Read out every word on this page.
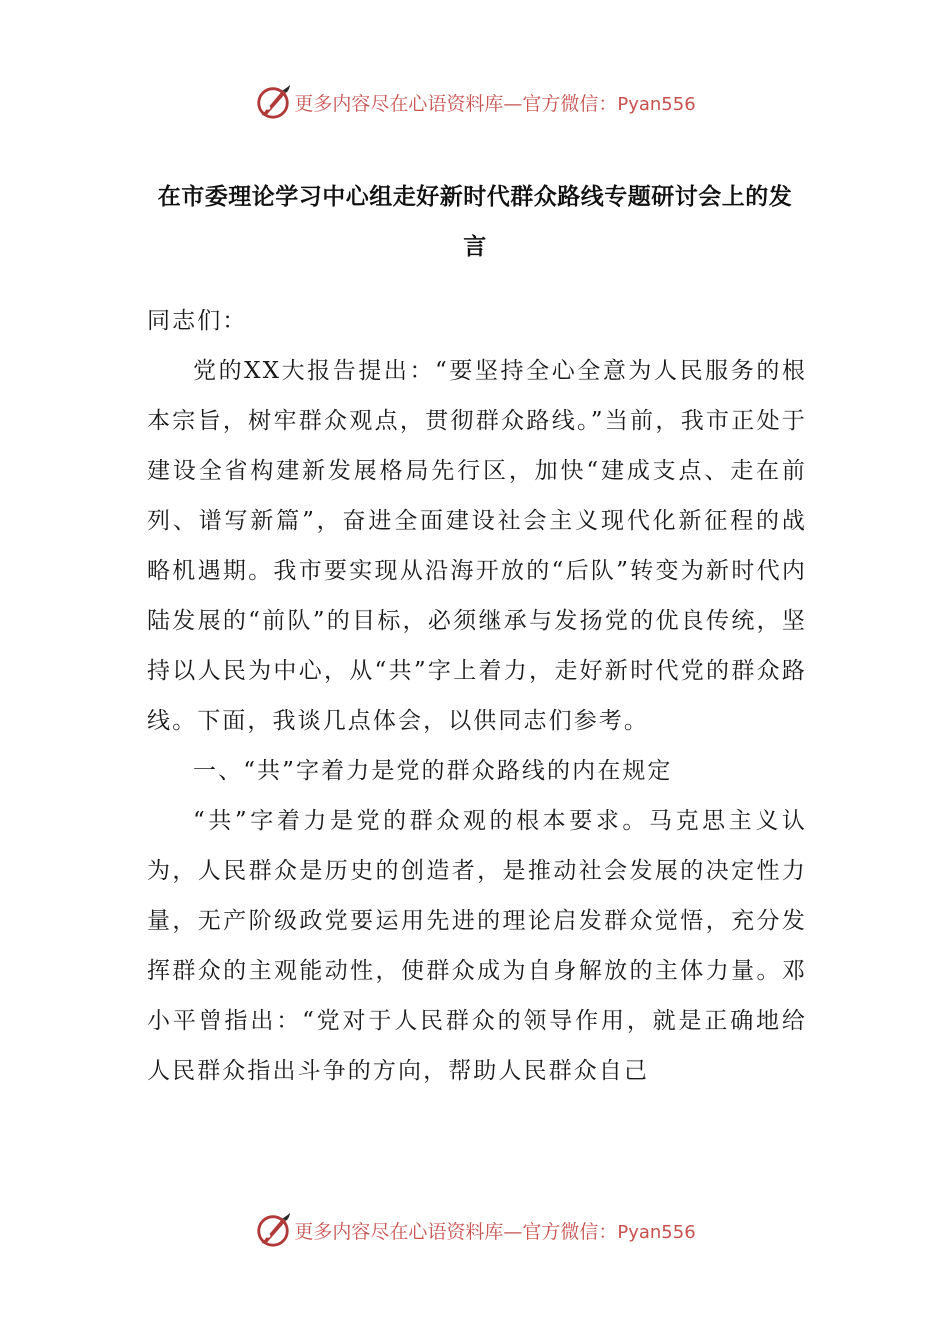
更多内容尽在心语资料库—官方微信：Pyan556
在市委理论学习中心组走好新时代群众路线专题研讨会上的发言

同志们：

党的XX大报告提出：“要坚持全心全意为人民服务的根本宗旨，树牢群众观点，贯彻群众路线。”当前，我市正处于建设全省构建新发展格局先行区，加快“建成支点、走在前列、谱写新篇”，奋进全面建设社会主义现代化新征程的战略机遇期。我市要实现从沿海开放的“后队”转变为新时代内陆发展的“前队”的目标，必须继承与发扬党的优良传统，坚持以人民为中心，从“共”字上着力，走好新时代党的群众路线。下面，我谈几点体会，以供同志们参考。

一、“共”字着力是党的群众路线的内在规定

“共”字着力是党的群众观的根本要求。马克思主义认为，人民群众是历史的创造者，是推动社会发展的决定性力量，无产阶级政党要运用先进的理论启发群众觉悟，充分发挥群众的主观能动性，使群众成为自身解放的主体力量。邓小平曾指出：“党对于人民群众的领导作用，就是正确地给人民群众指出斗争的方向，帮助人民群众自己

更多内容尽在心语资料库—官方微信：Pyan556
